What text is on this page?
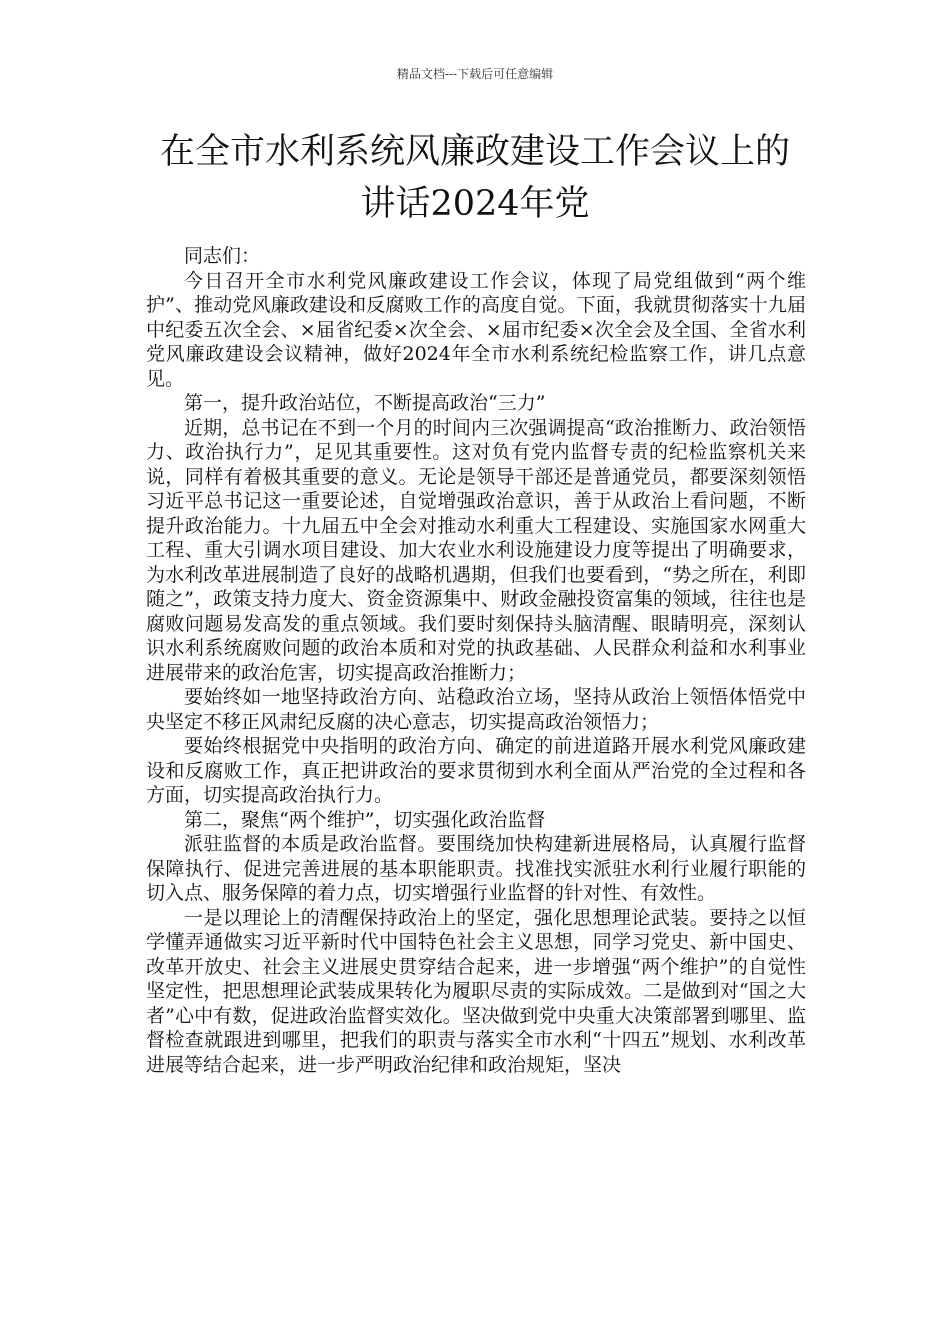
精品文档---下载后可任意编辑
在全市水利系统风廉政建设工作会议上的
讲话2024年党

同志们：

今日召开全市水利党风廉政建设工作会议，体现了局党组做到“两个维护”、推动党风廉政建设和反腐败工作的高度自觉。下面，我就贯彻落实十九届中纪委五次全会、×届省纪委×次全会、×届市纪委×次全会及全国、全省水利党风廉政建设会议精神，做好2024年全市水利系统纪检监察工作，讲几点意见。

第一，提升政治站位，不断提高政治“三力”

近期，总书记在不到一个月的时间内三次强调提高“政治推断力、政治领悟力、政治执行力”，足见其重要性。这对负有党内监督专责的纪检监察机关来说，同样有着极其重要的意义。无论是领导干部还是普通党员，都要深刻领悟习近平总书记这一重要论述，自觉增强政治意识，善于从政治上看问题，不断提升政治能力。十九届五中全会对推动水利重大工程建设、实施国家水网重大工程、重大引调水项目建设、加大农业水利设施建设力度等提出了明确要求，为水利改革进展制造了良好的战略机遇期，但我们也要看到，“势之所在，利即随之”，政策支持力度大、资金资源集中、财政金融投资富集的领域，往往也是腐败问题易发高发的重点领域。我们要时刻保持头脑清醒、眼睛明亮，深刻认识水利系统腐败问题的政治本质和对党的执政基础、人民群众利益和水利事业进展带来的政治危害，切实提高政治推断力；

要始终如一地坚持政治方向、站稳政治立场，坚持从政治上领悟体悟党中央坚定不移正风肃纪反腐的决心意志，切实提高政治领悟力；

要始终根据党中央指明的政治方向、确定的前进道路开展水利党风廉政建设和反腐败工作，真正把讲政治的要求贯彻到水利全面从严治党的全过程和各方面，切实提高政治执行力。

第二，聚焦“两个维护”，切实强化政治监督

派驻监督的本质是政治监督。要围绕加快构建新进展格局，认真履行监督保障执行、促进完善进展的基本职能职责。找准找实派驻水利行业履行职能的切入点、服务保障的着力点，切实增强行业监督的针对性、有效性。

一是以理论上的清醒保持政治上的坚定，强化思想理论武装。要持之以恒学懂弄通做实习近平新时代中国特色社会主义思想，同学习党史、新中国史、改革开放史、社会主义进展史贯穿结合起来，进一步增强“两个维护”的自觉性坚定性，把思想理论武装成果转化为履职尽责的实际成效。二是做到对“国之大者”心中有数，促进政治监督实效化。坚决做到党中央重大决策部署到哪里、监督检查就跟进到哪里，把我们的职责与落实全市水利“十四五”规划、水利改革进展等结合起来，进一步严明政治纪律和政治规矩，坚决
